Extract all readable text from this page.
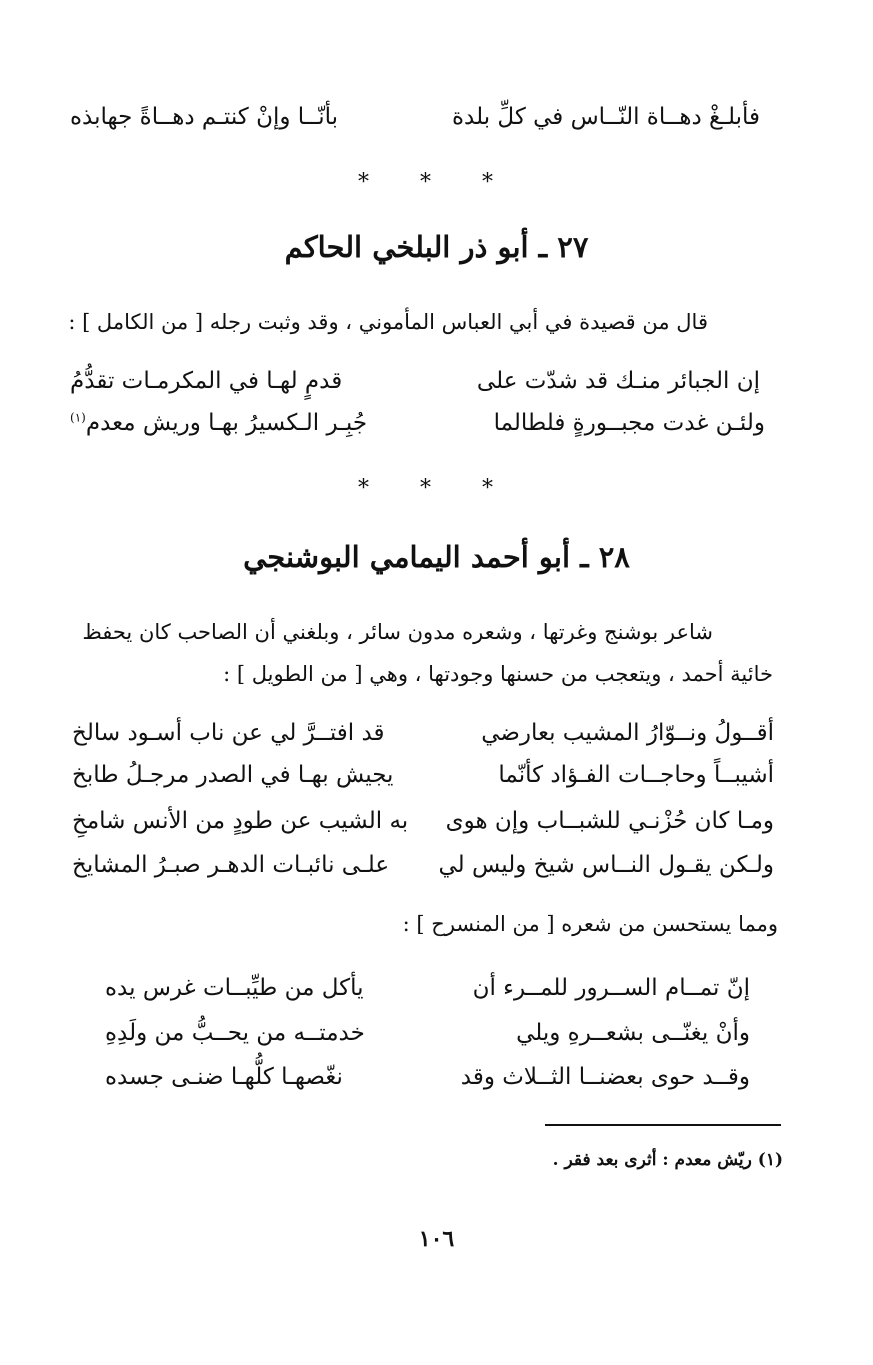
فأبلـغْ دهــاة النّــاس في كلِّ بلدة
بأنّــا وإنْ كنتـم دهــاةً جهابذه
* * *
٢٧ ـ أبو ذر البلخي الحاكم
قال من قصيدة في أبي العباس المأموني ، وقد وثبت رجله [ من الكامل ] :
إن الجبائر منـك قد شدّت على
قدمٍ لهـا في المكرمـات تقدُّمُ
ولئـن غدت مجبــورةٍ فلطالما
جُبِـر الـكسيرُ بهـا وريش معدم$^{(١)}$
* * *
٢٨ ـ أبو أحمد اليمامي البوشنجي
شاعر بوشنج وغرتها ، وشعره مدون سائر ، وبلغني أن الصاحب كان يحفظ
خائية أحمد ، ويتعجب من حسنها وجودتها ، وهي [ من الطويل ] :
أقــولُ ونــوّارُ المشيب بعارضي
قد افتــرَّ لي عن ناب أسـود سالخ
أشيبــاً وحاجــات الفـؤاد كأنّما
يجيش بهـا في الصدر مرجـلُ طابخ
ومـا كان حُزْنـي للشبــاب وإن هوى
به الشيب عن طودٍ من الأنس شامخِ
ولـكن يقـول النــاس شيخ وليس لي
علـى نائبـات الدهـر صبـرُ المشايخ
ومما يستحسن من شعره [ من المنسرح ] :
إنّ تمــام الســرور للمــرء أن
يأكل من طيِّبــات غرس يده
وأنْ يغنّــى بشعــرهِ ويلي
خدمتــه من يحــبُّ من ولَدِهِ
وقــد حوى بعضنــا الثــلاث وقد
نغّصهـا كلُّهـا ضنـى جسده
(١) ريّش معدم : أثرى بعد فقر .
١٠٦
